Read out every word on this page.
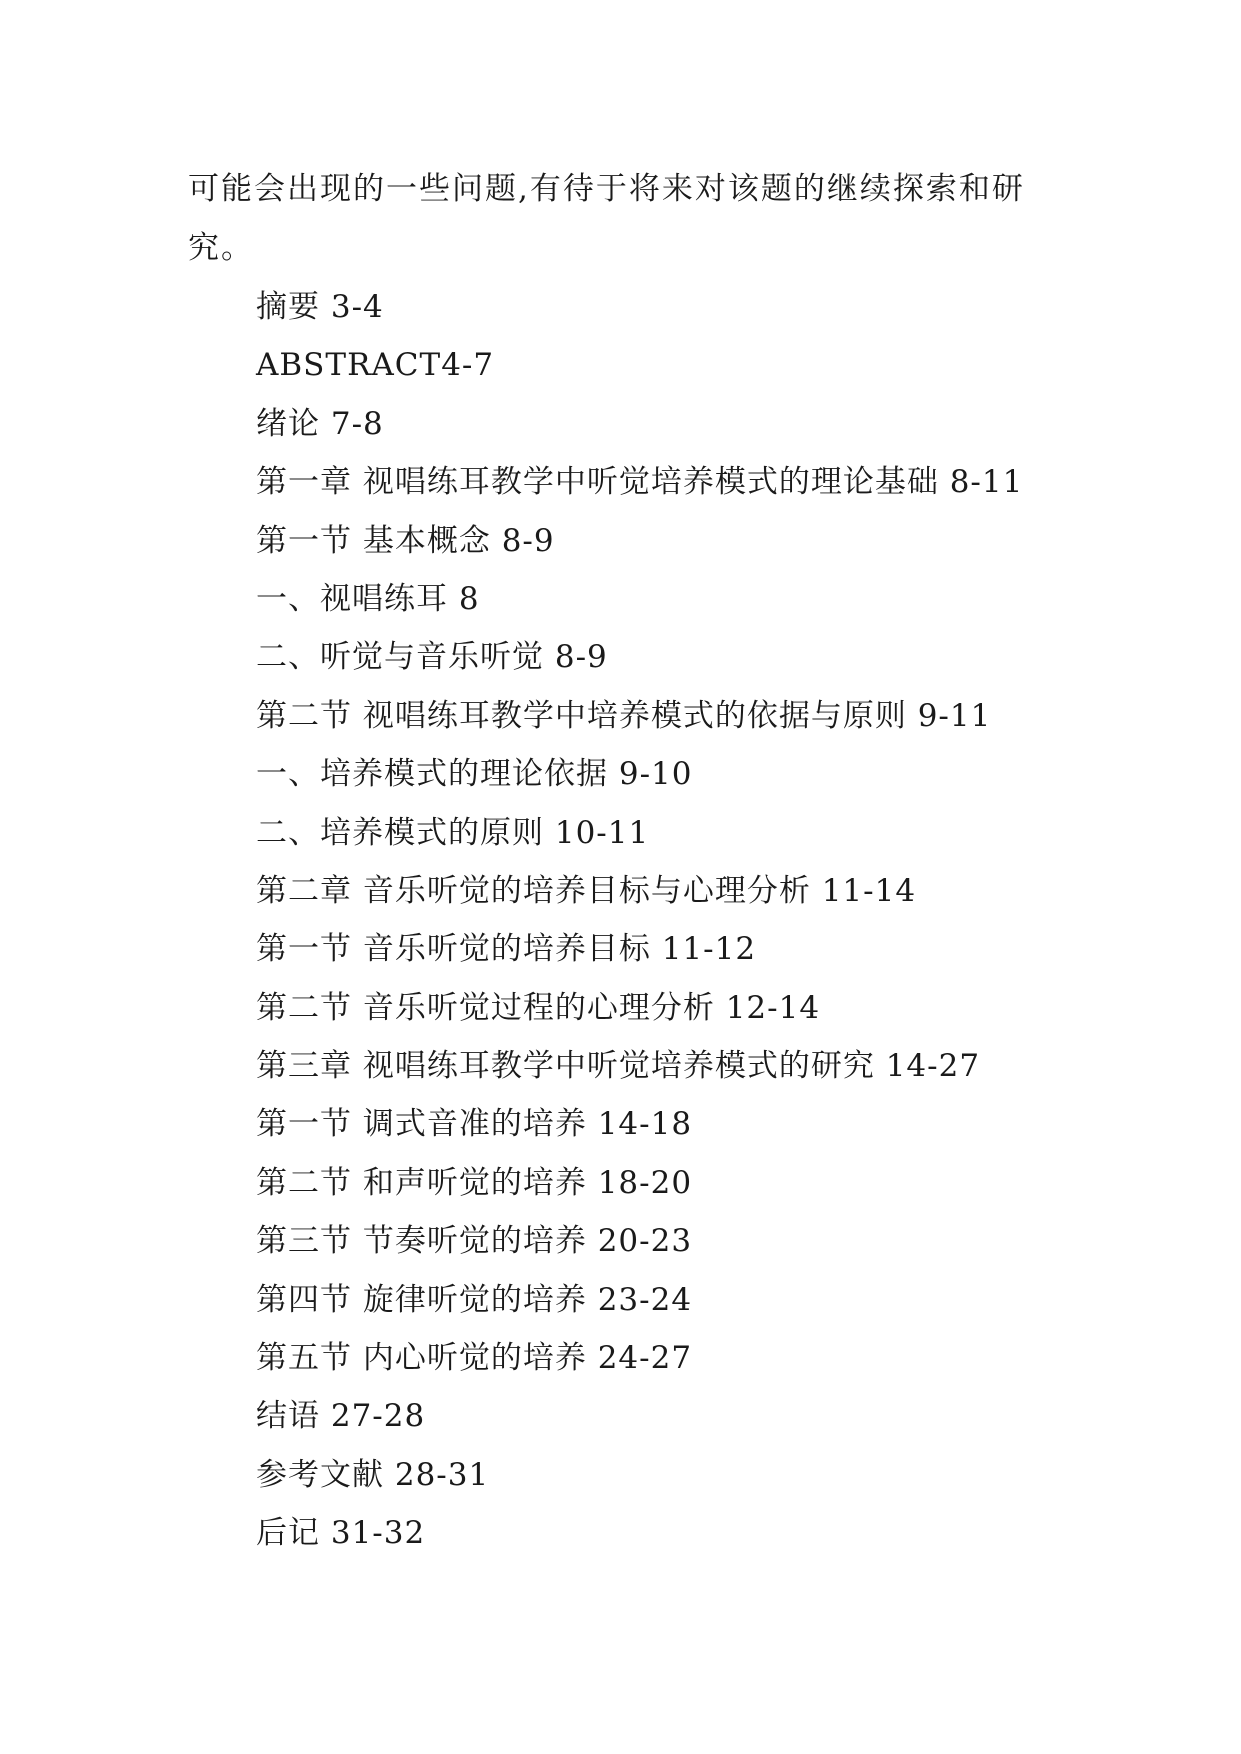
可能会出现的一些问题,有待于将来对该题的继续探索和研究。

摘要 3-4
ABSTRACT4-7
绪论 7-8
第一章 视唱练耳教学中听觉培养模式的理论基础 8-11
第一节 基本概念 8-9
一、视唱练耳 8
二、听觉与音乐听觉 8-9
第二节 视唱练耳教学中培养模式的依据与原则 9-11
一、培养模式的理论依据 9-10
二、培养模式的原则 10-11
第二章 音乐听觉的培养目标与心理分析 11-14
第一节 音乐听觉的培养目标 11-12
第二节 音乐听觉过程的心理分析 12-14
第三章 视唱练耳教学中听觉培养模式的研究 14-27
第一节 调式音准的培养 14-18
第二节 和声听觉的培养 18-20
第三节 节奏听觉的培养 20-23
第四节 旋律听觉的培养 23-24
第五节 内心听觉的培养 24-27
结语 27-28
参考文献 28-31
后记 31-32
